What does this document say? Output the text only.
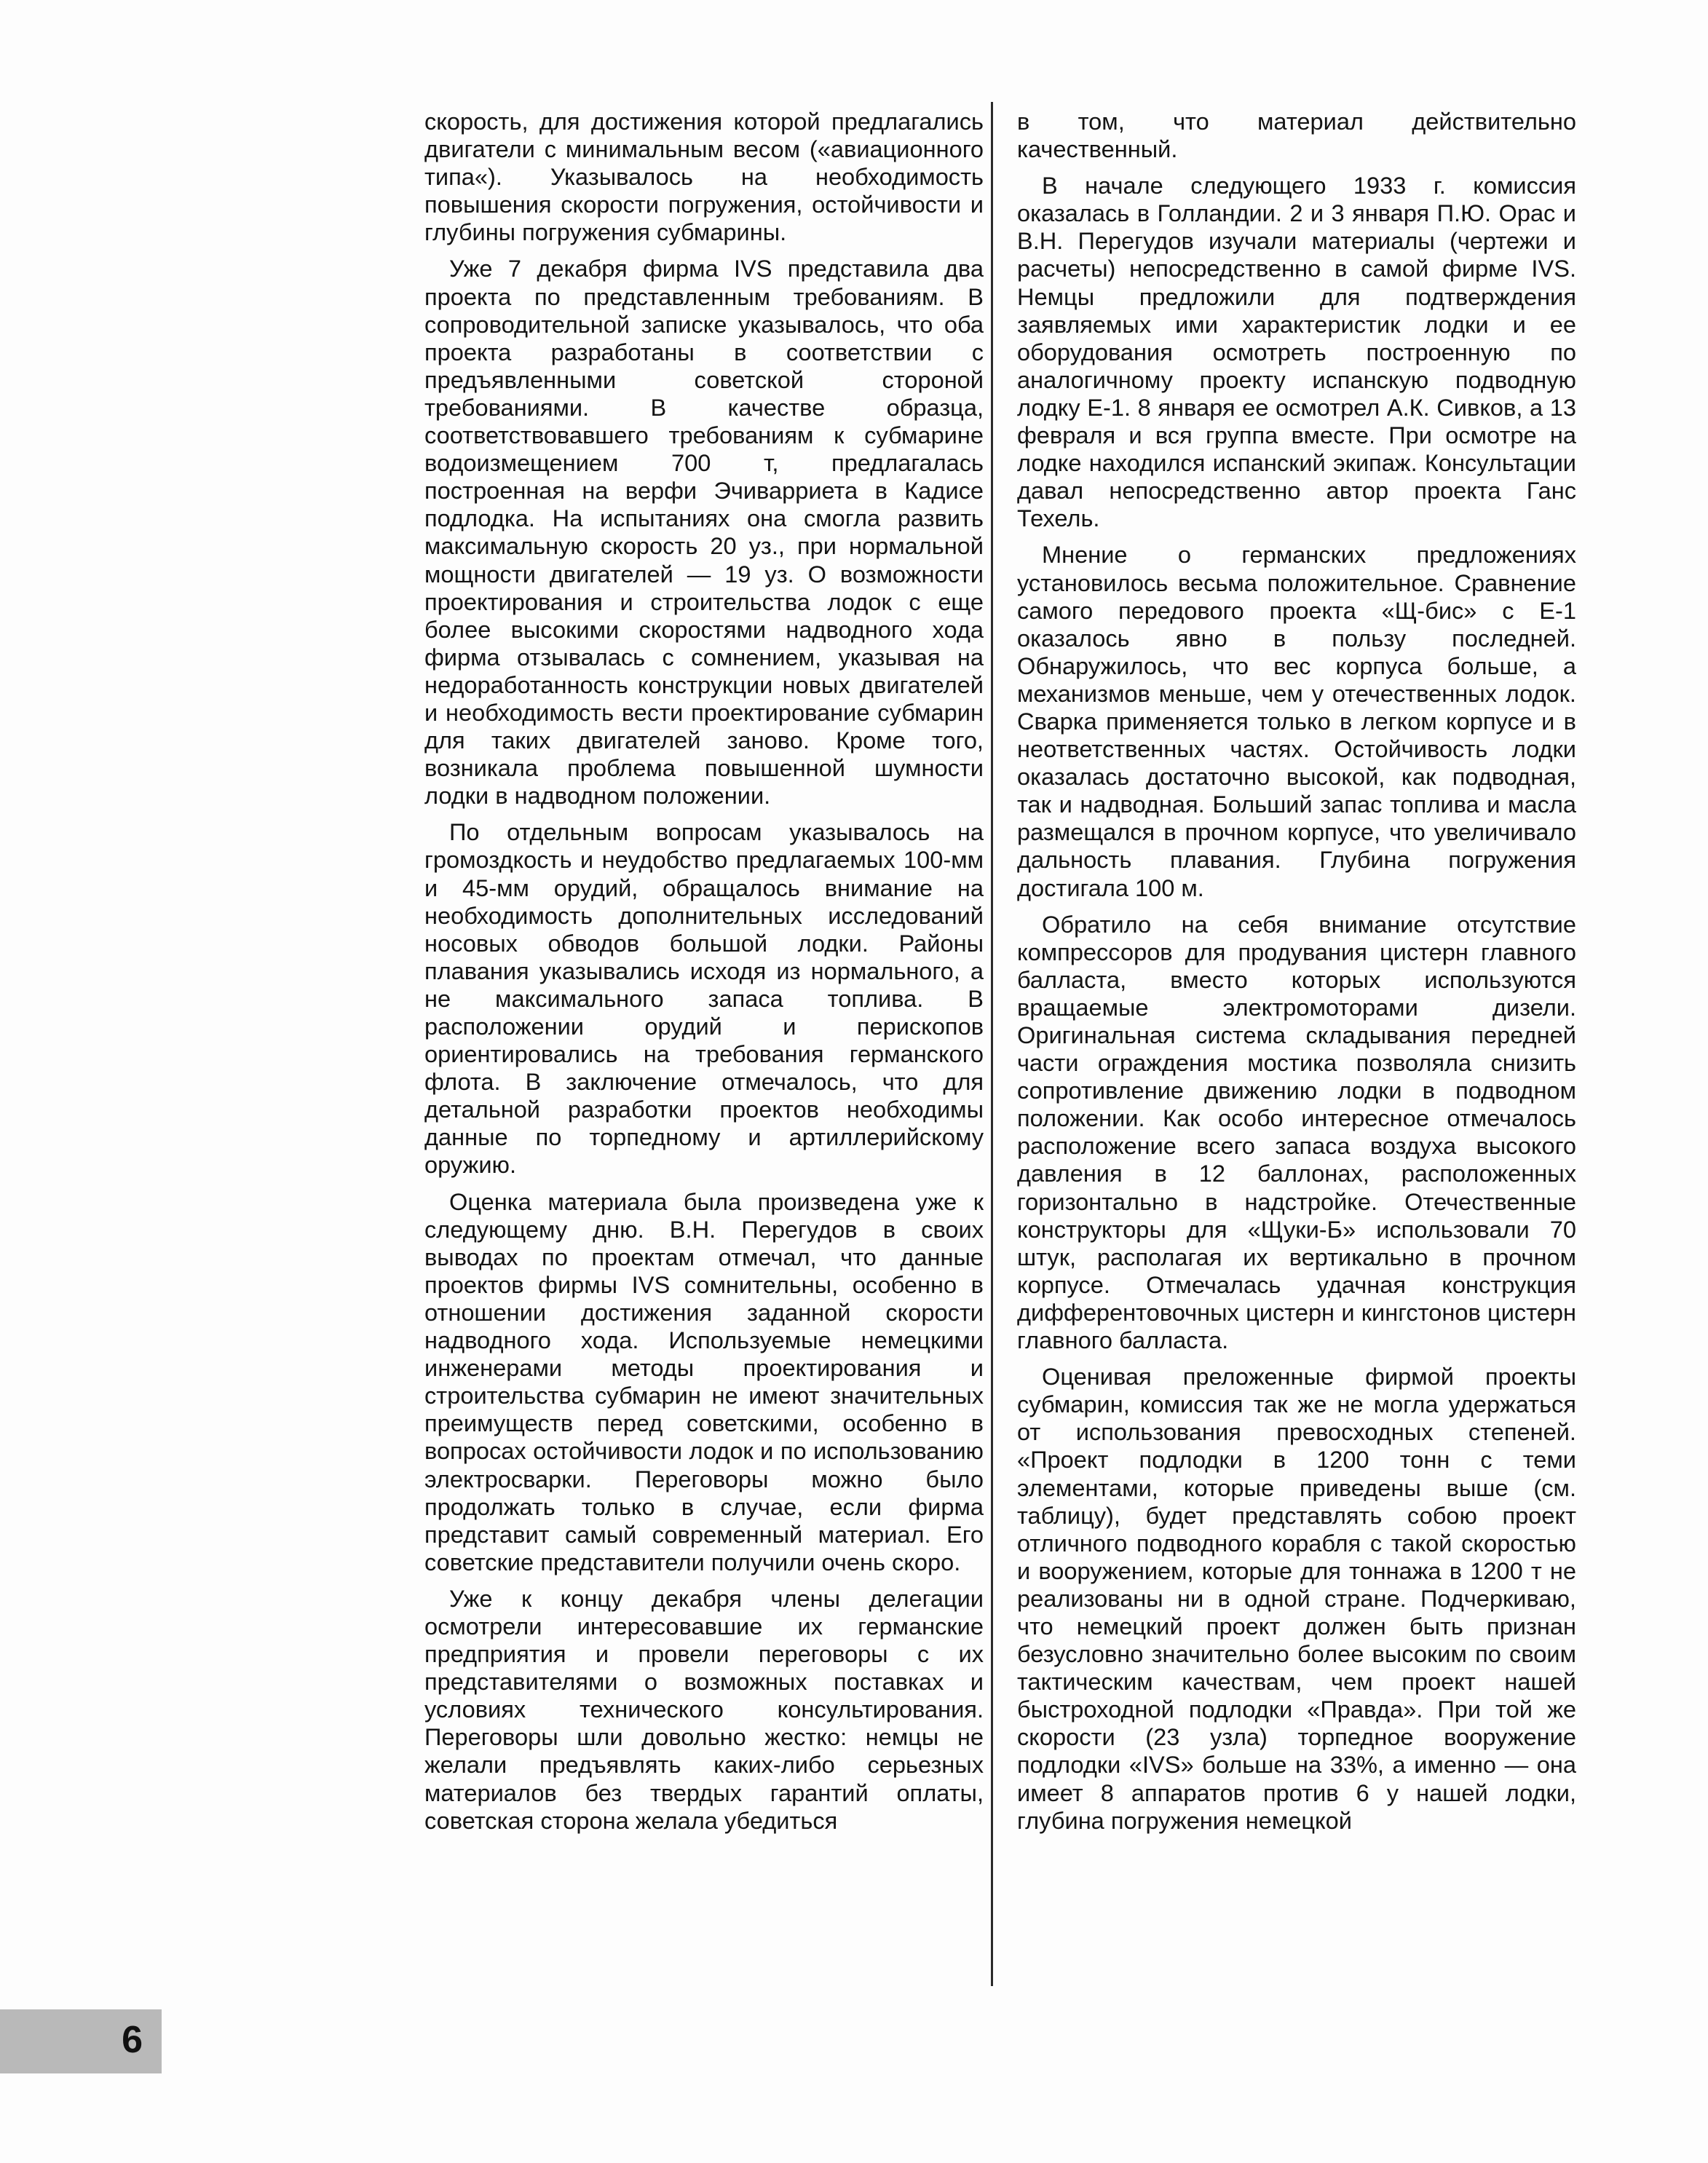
скорость, для достижения которой предлагались двигатели с минимальным весом («авиационного типа«). Указывалось на необходимость повышения скорости погружения, остойчивости и глубины погружения субмарины.

Уже 7 декабря фирма IVS представила два проекта по представленным требованиям. В сопроводительной записке указывалось, что оба проекта разработаны в соответствии с предъявленными советской стороной требованиями. В качестве образца, соответствовавшего требованиям к субмарине водоизмещением 700 т, предлагалась построенная на верфи Эчиварриета в Кадисе подлодка. На испытаниях она смогла развить максимальную скорость 20 уз., при нормальной мощности двигателей — 19 уз. О возможности проектирования и строительства лодок с еще более высокими скоростями надводного хода фирма отзывалась с сомнением, указывая на недоработанность конструкции новых двигателей и необходимость вести проектирование субмарин для таких двигателей заново. Кроме того, возникала проблема повышенной шумности лодки в надводном положении.

По отдельным вопросам указывалось на громоздкость и неудобство предлагаемых 100-мм и 45-мм орудий, обращалось внимание на необходимость дополнительных исследований носовых обводов большой лодки. Районы плавания указывались исходя из нормального, а не максимального запаса топлива. В расположении орудий и перископов ориентировались на требования германского флота. В заключение отмечалось, что для детальной разработки проектов необходимы данные по торпедному и артиллерийскому оружию.

Оценка материала была произведена уже к следующему дню. В.Н. Перегудов в своих выводах по проектам отмечал, что данные проектов фирмы IVS сомнительны, особенно в отношении достижения заданной скорости надводного хода. Используемые немецкими инженерами методы проектирования и строительства субмарин не имеют значительных преимуществ перед советскими, особенно в вопросах остойчивости лодок и по использованию электросварки. Переговоры можно было продолжать только в случае, если фирма представит самый современный материал. Его советские представители получили очень скоро.

Уже к концу декабря члены делегации осмотрели интересовавшие их германские предприятия и провели переговоры с их представителями о возможных поставках и условиях технического консультирования. Переговоры шли довольно жестко: немцы не желали предъявлять каких-либо серьезных материалов без твердых гарантий оплаты, советская сторона желала убедиться

в том, что материал действительно качественный.

В начале следующего 1933 г. комиссия оказалась в Голландии. 2 и 3 января П.Ю. Орас и В.Н. Перегудов изучали материалы (чертежи и расчеты) непосредственно в самой фирме IVS. Немцы предложили для подтверждения заявляемых ими характеристик лодки и ее оборудования осмотреть построенную по аналогичному проекту испанскую подводную лодку Е-1. 8 января ее осмотрел А.К. Сивков, а 13 февраля и вся группа вместе. При осмотре на лодке находился испанский экипаж. Консультации давал непосредственно автор проекта Ганс Техель.

Мнение о германских предложениях установилось весьма положительное. Сравнение самого передового проекта «Щ-бис» с Е-1 оказалось явно в пользу последней. Обнаружилось, что вес корпуса больше, а механизмов меньше, чем у отечественных лодок. Сварка применяется только в легком корпусе и в неответственных частях. Остойчивость лодки оказалась достаточно высокой, как подводная, так и надводная. Больший запас топлива и масла размещался в прочном корпусе, что увеличивало дальность плавания. Глубина погружения достигала 100 м.

Обратило на себя внимание отсутствие компрессоров для продувания цистерн главного балласта, вместо которых используются вращаемые электромоторами дизели. Оригинальная система складывания передней части ограждения мостика позволяла снизить сопротивление движению лодки в подводном положении. Как особо интересное отмечалось расположение всего запаса воздуха высокого давления в 12 баллонах, расположенных горизонтально в надстройке. Отечественные конструкторы для «Щуки-Б» использовали 70 штук, располагая их вертикально в прочном корпусе. Отмечалась удачная конструкция дифферентовочных цистерн и кингстонов цистерн главного балласта.

Оценивая преложенные фирмой проекты субмарин, комиссия так же не могла удержаться от использования превосходных степеней. «Проект подлодки в 1200 тонн с теми элементами, которые приведены выше (см. таблицу), будет представлять собою проект отличного подводного корабля с такой скоростью и вооружением, которые для тоннажа в 1200 т не реализованы ни в одной стране. Подчеркиваю, что немецкий проект должен быть признан безусловно значительно более высоким по своим тактическим качествам, чем проект нашей быстроходной подлодки «Правда». При той же скорости (23 узла) торпедное вооружение подлодки «IVS» больше на 33%, а именно — она имеет 8 аппаратов против 6 у нашей лодки, глубина погружения немецкой

6
